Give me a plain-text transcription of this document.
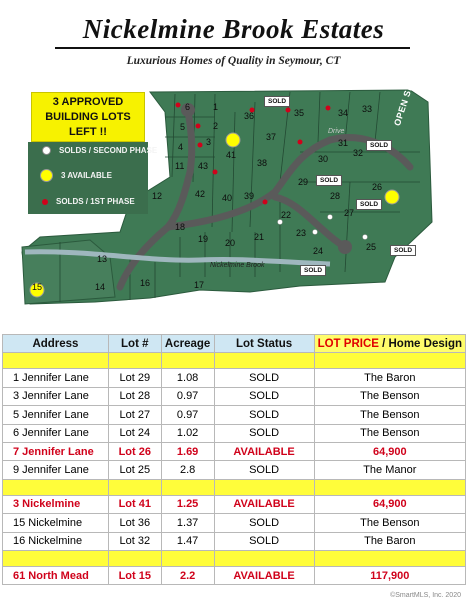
Nickelmine Brook Estates
Luxurious Homes of Quality in Seymour, CT
3 APPROVED BUILDING LOTS LEFT !!
SOLDS / SECOND PHASE
3 AVAILABLE
SOLDS / 1ST PHASE
6
5
1
2
3
4
11 43
42
12
18
19 20
21
40 39
38
41
37
36	35	34 33
30
31
32
29
28
27
26
22
23
24	25
13
14
15	16	17
SOLD
SOLD
SOLD
SOLD
SOLD
SOLD
OPEN SPACE
Nickelmine Brook
Drive
Address	Lot #	Acreage	Lot Status	LOT PRICE / Home Design

1 Jennifer Lane	Lot 29	1.08	SOLD	The Baron
3 Jennifer Lane	Lot 28	0.97	SOLD	The Benson
5 Jennifer Lane	Lot 27	0.97	SOLD	The Benson
6 Jennifer Lane	Lot 24	1.02	SOLD	The Benson
7 Jennifer Lane	Lot 26	1.69	AVAILABLE	64,900
9 Jennifer Lane	Lot 25	2.8	SOLD	The Manor

3 Nickelmine	Lot 41	1.25	AVAILABLE	64,900
15 Nickelmine	Lot 36	1.37	SOLD	The Benson
16 Nickelmine	Lot 32	1.47	SOLD	The Baron

61 North Mead	Lot 15	2.2	AVAILABLE	117,900
©SmartMLS, Inc. 2020
